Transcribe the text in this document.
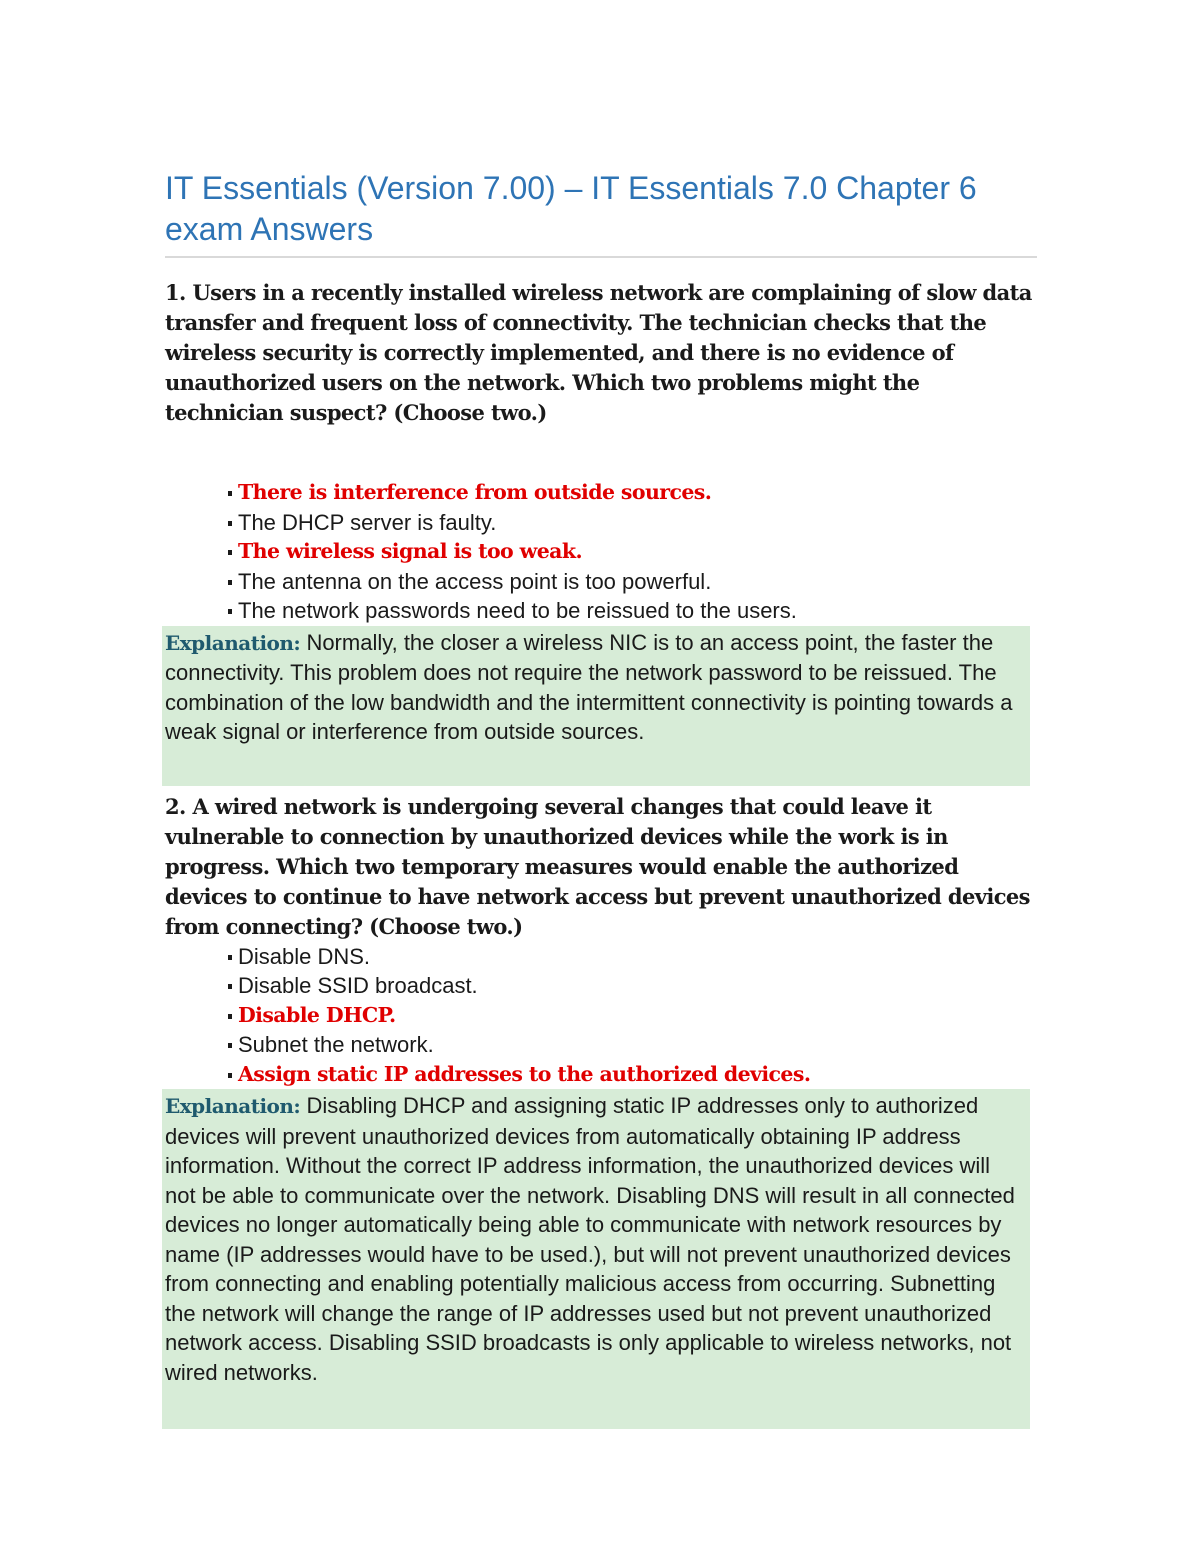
IT Essentials (Version 7.00) – IT Essentials 7.0 Chapter 6 exam Answers

1. Users in a recently installed wireless network are complaining of slow data transfer and frequent loss of connectivity. The technician checks that the wireless security is correctly implemented, and there is no evidence of unauthorized users on the network. Which two problems might the technician suspect? (Choose two.)

There is interference from outside sources.
The DHCP server is faulty.
The wireless signal is too weak.
The antenna on the access point is too powerful.
The network passwords need to be reissued to the users.
Explanation: Normally, the closer a wireless NIC is to an access point, the faster the connectivity. This problem does not require the network password to be reissued. The combination of the low bandwidth and the intermittent connectivity is pointing towards a weak signal or interference from outside sources.

2. A wired network is undergoing several changes that could leave it vulnerable to connection by unauthorized devices while the work is in progress. Which two temporary measures would enable the authorized devices to continue to have network access but prevent unauthorized devices from connecting? (Choose two.)

Disable DNS.
Disable SSID broadcast.
Disable DHCP.
Subnet the network.
Assign static IP addresses to the authorized devices.
Explanation: Disabling DHCP and assigning static IP addresses only to authorized devices will prevent unauthorized devices from automatically obtaining IP address information. Without the correct IP address information, the unauthorized devices will not be able to communicate over the network. Disabling DNS will result in all connected devices no longer automatically being able to communicate with network resources by name (IP addresses would have to be used.), but will not prevent unauthorized devices from connecting and enabling potentially malicious access from occurring. Subnetting the network will change the range of IP addresses used but not prevent unauthorized network access. Disabling SSID broadcasts is only applicable to wireless networks, not wired networks.
